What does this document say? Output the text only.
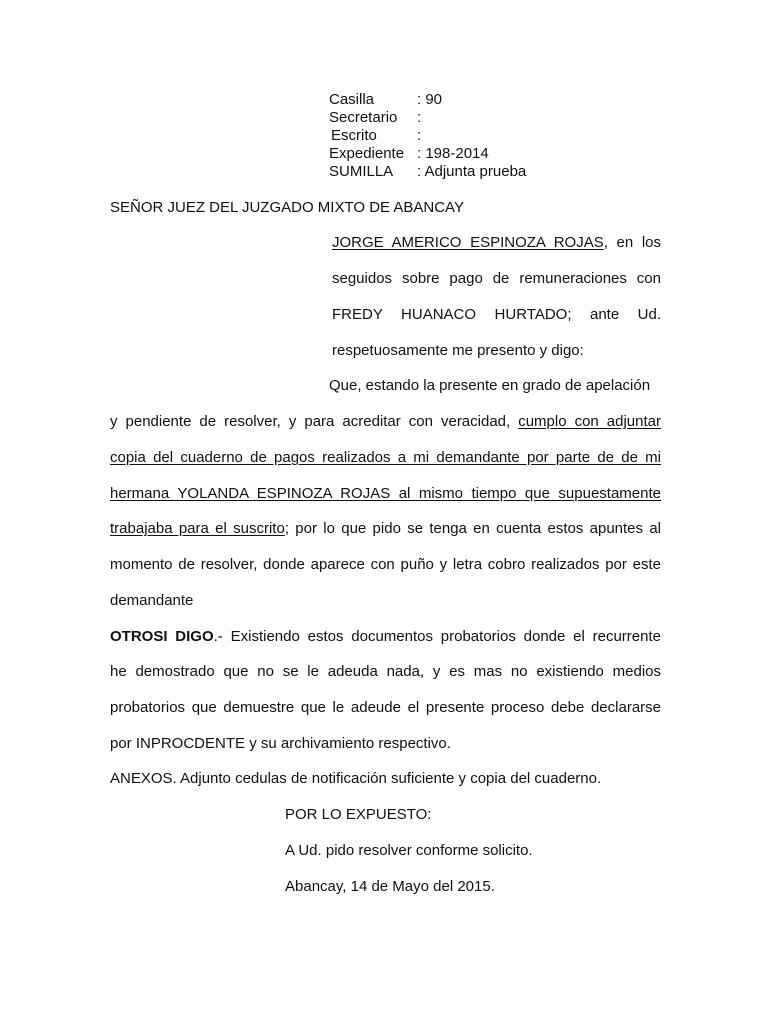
Casilla	: 90
Secretario :
Escrito	:
Expediente : 198-2014
SUMILLA : Adjunta prueba
SEÑOR JUEZ DEL JUZGADO MIXTO DE ABANCAY
JORGE AMERICO ESPINOZA ROJAS, en los
seguidos sobre pago de remuneraciones con
FREDY HUANACO HURTADO; ante Ud.
respetuosamente me presento y digo:
Que, estando la presente en grado de apelación
y pendiente de resolver, y para acreditar con veracidad, cumplo con adjuntar
copia del cuaderno de pagos realizados a mi demandante por parte de de mi
hermana YOLANDA ESPINOZA ROJAS al mismo tiempo que supuestamente
trabajaba para el suscrito; por lo que pido se tenga en cuenta estos apuntes al
momento de resolver, donde aparece con puño y letra cobro realizados por este
demandante
OTROSI DIGO.- Existiendo estos documentos probatorios donde el recurrente
he demostrado que no se le adeuda nada, y es mas no existiendo medios
probatorios que demuestre que le adeude el presente proceso debe declararse
por INPROCDENTE y su archivamiento respectivo.
ANEXOS. Adjunto cedulas de notificación suficiente y copia del cuaderno.
POR LO EXPUESTO:
A Ud. pido resolver conforme solicito.
Abancay, 14 de Mayo del 2015.
